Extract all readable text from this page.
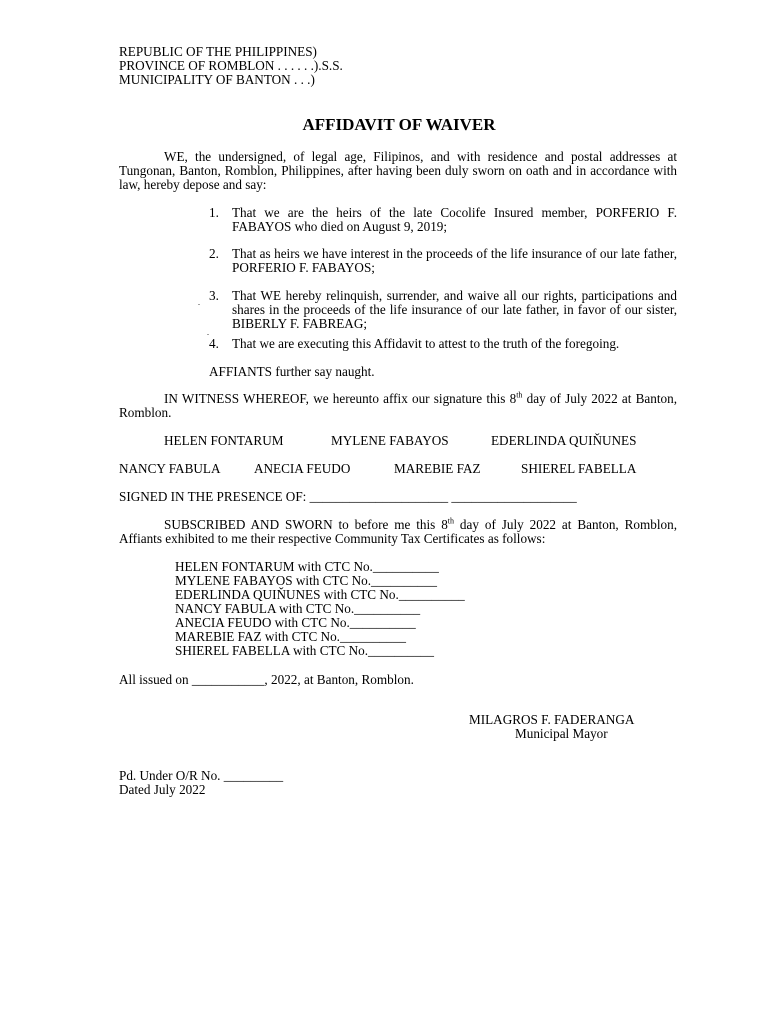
REPUBLIC OF THE PHILIPPINES)
PROVINCE OF ROMBLON . . . . . .).S.S.
MUNICIPALITY OF BANTON . . .)
AFFIDAVIT OF WAIVER

WE, the undersigned, of legal age, Filipinos, and with residence and postal addresses at Tungonan, Banton, Romblon, Philippines, after having been duly sworn on oath and in accordance with law, hereby depose and say:

1. That we are the heirs of the late Cocolife Insured member, PORFERIO F. FABAYOS who died on August 9, 2019;
2. That as heirs we have interest in the proceeds of the life insurance of our late father, PORFERIO F. FABAYOS;
3. That WE hereby relinquish, surrender, and waive all our rights, participations and shares in the proceeds of the life insurance of our late father, in favor of our sister, BIBERLY F. FABREAG;
.
.
4. That we are executing this Affidavit to attest to the truth of the foregoing.
AFFIANTS further say naught.

IN WITNESS WHEREOF, we hereunto affix our signature this 8th day of July 2022 at Banton, Romblon.

HELEN FONTARUM	MYLENE FABAYOS	EDERLINDA QUIŇUNES
NANCY FABULA	ANECIA FEUDO	MAREBIE FAZ	SHIEREL FABELLA
SIGNED IN THE PRESENCE OF: _____________________ ___________________

SUBSCRIBED AND SWORN to before me this 8th day of July 2022 at Banton, Romblon, Affiants exhibited to me their respective Community Tax Certificates as follows:

HELEN FONTARUM with CTC No.__________
MYLENE FABAYOS with CTC No.__________
EDERLINDA QUIŇUNES with CTC No.__________
NANCY FABULA with CTC No.__________
ANECIA FEUDO with CTC No.__________
MAREBIE FAZ with CTC No.__________
SHIEREL FABELLA with CTC No.__________
All issued on ___________, 2022, at Banton, Romblon.
MILAGROS F. FADERANGA
Municipal Mayor
Pd. Under O/R No. _________
Dated July 2022
